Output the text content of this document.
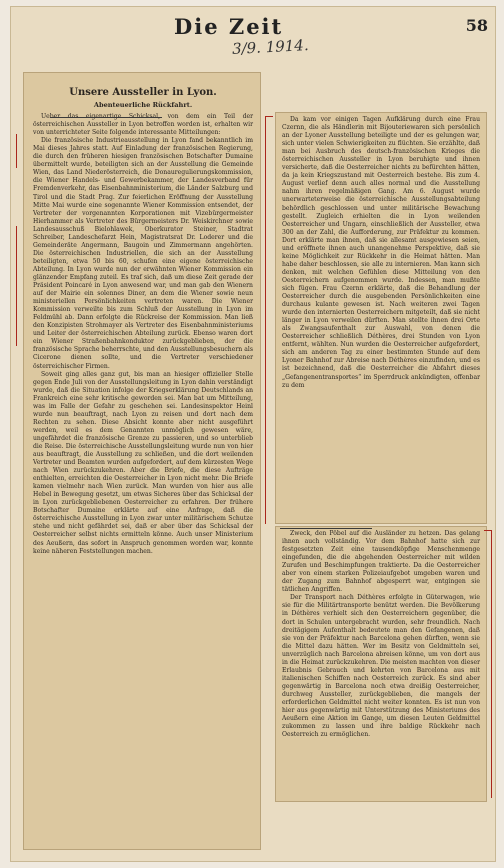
Die Zeit	58
3/9. 1914.
Unsere Aussteller in Lyon.
Abenteuerliche Rückfahrt.

Ueber das eigenartige Schicksal, von dem ein Teil der österreichischen Aussteller in Lyon betroffen worden ist, erhalten wir von unterrichteter Seite folgende interessante Mitteilungen:

Die französische Industrieausstellung in Lyon fand bekanntlich im Mai dieses Jahres statt. Auf Einladung der französischen Regierung, die durch den früheren hiesigen französischen Botschafter Dumaine übermittelt wurde, beteiligten sich an der Ausstellung die Gemeinde Wien, das Land Niederösterreich, die Donauregulierungskommission, die Wiener Handels- und Gewerbekammer, der Landesverband für Fremdenverkehr, das Eisenbahnministerium, die Länder Salzburg und Tirol und die Stadt Prag. Zur feierlichen Eröffnung der Ausstellung Mitte Mai wurde eine sogenannte Wiener Kommission entsendet, der Vertreter der vorgenannten Korporationen mit Vizebürgermeister Hierhammer als Vertreter des Bürgermeisters Dr. Weiskirchner sowie Landesausschuß Bielohlawek, Oberkurator Steiner, Stadtrat Schreiber, Landeschefarzt Hein, Magistratsrat Dr. Loderer und die Gemeinderäte Angermann, Baugoin und Zimmermann angehörten. Die österreichischen Industriellen, die sich an der Ausstellung beteiligten, etwa 50 bis 60, schufen eine eigene österreichische Abteilung. In Lyon wurde nun der erwähnten Wiener Kommission ein glänzender Empfang zuteil. Es traf sich, daß um diese Zeit gerade der Präsident Poincaré in Lyon anwesend war, und man gab den Wienern auf der Mairie ein solennes Diner, an dem die Wiener sowie neun ministeriellen Persönlichkeiten vertreten waren. Die Wiener Kommission verweilte bis zum Schluß der Ausstellung in Lyon im Feldmühl ab. Dann erfolgte die Rückreise der Kommission. Man ließ den Konzipisten Strohmayer als Vertreter des Eisenbahnministeriums und Leiter der österreichischen Abteilung zurück. Ebenso waren dort ein Wiener Straßenbahnkonduktor zurückgeblieben, der die französische Sprache beherrschte, und den Ausstellungsbesuchern als Cicerone dienen sollte, und die Vertreter verschiedener österreichischer Firmen.

Soweit ging alles ganz gut, bis man an hiesiger offizieller Stelle gegen Ende Juli von der Ausstellungsleitung in Lyon dahin verständigt wurde, daß die Situation infolge der Kriegserklärung Deutschlands an Frankreich eine sehr kritische geworden sei. Man bat um Mitteilung, was im Falle der Gefahr zu geschehen sei. Landesinspektor Heinl wurde nun beauftragt, nach Lyon zu reisen und dort nach dem Rechten zu sehen. Diese Absicht konnte aber nicht ausgeführt werden, weil es dem Genannten unmöglich gewesen wäre, ungefährdet die französische Grenze zu passieren, und so unterblieb die Reise. Die österreichische Ausstellungsleitung wurde nun von hier aus beauftragt, die Ausstellung zu schließen, und die dort weilenden Vertreter und Beamten wurden aufgefordert, auf dem kürzesten Wege nach Wien zurückzukehren. Aber die Briefe, die diese Aufträge enthielten, erreichten die Oesterreicher in Lyon nicht mehr. Die Briefe kamen vielmehr nach Wien zurück. Man wurden von hier aus alle Hebel in Bewegung gesetzt, um etwas Sicheres über das Schicksal der in Lyon zurückgebliebenen Oesterreicher zu erfahren. Der frühere Botschafter Dumaine erklärte auf eine Anfrage, daß die österreichische Ausstellung in Lyon zwar unter militärischem Schutze stehe und nicht gefährdet sei, daß er aber über das Schicksal der Oesterreicher selbst nichts ermitteln könne. Auch unser Ministerium des Aeußern, das sofort in Anspruch genommen worden war, konnte keine näheren Feststellungen machen.

Da kam vor einigen Tagen Aufklärung durch eine Frau Czernn, die als Händlerin mit Bijouteriewaren sich persönlich an der Lyoner Ausstellung beteiligte und der es gelungen war, sich unter vielen Schwierigkeiten zu flüchten. Sie erzählte, daß man bei Ausbruch des deutsch-französischen Krieges die österreichischen Aussteller in Lyon beruhigte und ihnen versicherte, daß die Oesterreicher nichts zu befürchten hätten, da ja kein Kriegszustand mit Oesterreich bestehe. Bis zum 4. August verlief denn auch alles normal und die Ausstellung nahm ihren regelmäßigen Gang. Am 6. August wurde unerwarteterweise die österreichische Ausstellungsabteilung behördlich geschlossen und unter militärische Bewachung gestellt. Zugleich erhielten die in Lyon weilenden Oesterreicher und Ungarn, einschließlich der Aussteller, etwa 300 an der Zahl, die Aufforderung, zur Präfektur zu kommen. Dort erklärte man ihnen, daß sie allesamt ausgewiesen seien, und eröffnete ihnen auch unangenehme Perspektive, daß sie keine Möglichkeit zur Rückkehr in die Heimat hätten. Man habe daher beschlossen, sie alle zu internieren. Man kann sich denken, mit welchen Gefühlen diese Mitteilung von den Oesterreichern aufgenommen wurde. Indessen, man mußte sich fügen. Frau Czernn erklärte, daß die Behandlung der Oesterreicher durch die ausgebenden Persönlichkeiten eine durchaus kulante gewesen ist. Nach weiteren zwei Tagen wurde den internierten Oesterreichern mitgeteilt, daß sie nicht länger in Lyon verweilen dürften. Man stellte ihnen drei Orte als Zwangsaufenthalt zur Auswahl, von denen die Oesterreicher schließlich Déthères, drei Stunden von Lyon entfernt, wählten. Nun wurden die Oesterreicher aufgefordert, sich am anderen Tag zu einer bestimmten Stunde auf dem Lyoner Bahnhof zur Abreise nach Déthères einzufinden, und es ist bezeichnend, daß die Oesterreicher die Abfahrt dieses „Gefangenentransportes“ im Sperrdruck ankündigten, offenbar zu dem

Zweck, den Pöbel auf die Ausländer zu hetzen. Das gelang ihnen auch vollständig. Vor dem Bahnhof hatte sich zur festgesetzten Zeit eine tausendköpfige Menschenmenge eingefunden, die die abgehenden Oesterreicher mit wilden Zurufen und Beschimpfungen traktierte. Da die Oesterreicher aber von einem starken Polizeiaufgebot umgeben waren und der Zugang zum Bahnhof abgesperrt war, entgingen sie tätlichen Angriffen.

Der Transport nach Déthères erfolgte in Güterwagen, wie sie für die Militärtransporte benützt werden. Die Bevölkerung in Déthères verhielt sich den Oesterreichern gegenüber, die dort in Schulen untergebracht wurden, sehr freundlich. Nach dreitägigem Aufenthalt bedeutete man den Gefangenen, daß sie von der Präfektur nach Barcelona gehen dürften, wenn sie die Mittel dazu hätten. Wer im Besitz von Geldmitteln sei, unverzüglich nach Barcelona abreisen könne, um von dort aus in die Heimat zurückzukehren. Die meisten machten von dieser Erlaubnis Gebrauch und kehrten von Barcelona aus mit italienischen Schiffen nach Oesterreich zurück. Es sind aber gegenwärtig in Barcelona noch etwa dreißig Oesterreicher, durchweg Aussteller, zurückgeblieben, die mangels der erforderlichen Geldmittel nicht weiter konnten. Es ist nun von hier aus gegenwärtig mit Unterstützung des Ministeriums des Aeußern eine Aktion im Gange, um diesen Leuten Geldmittel zukommen zu lassen und ihre baldige Rückkehr nach Oesterreich zu ermöglichen.
